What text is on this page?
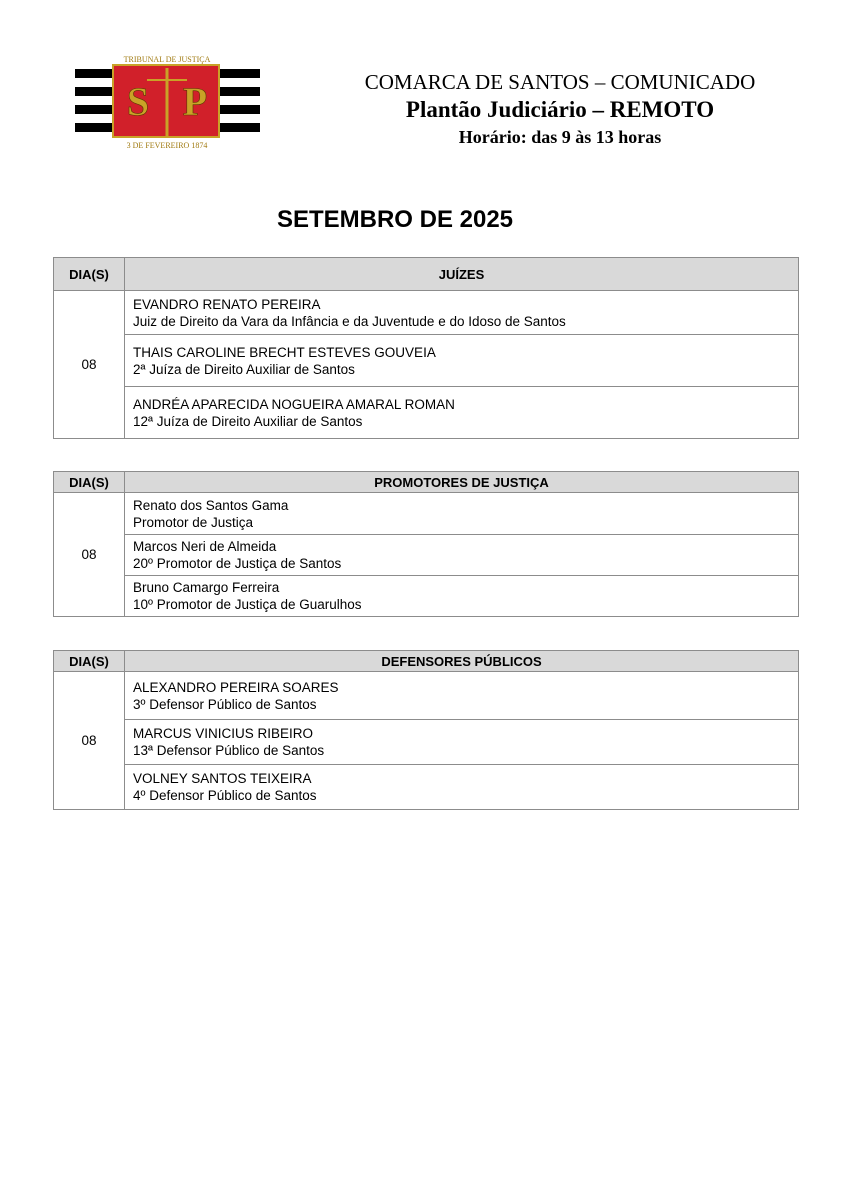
S P
TRIBUNAL DE JUSTIÇA
3 DE FEVEREIRO 1874
COMARCA DE SANTOS – COMUNICADO
Plantão Judiciário – REMOTO
Horário: das 9 às 13 horas
SETEMBRO DE 2025
DIA(S)	JUÍZES
08	EVANDRO RENATO PEREIRA
Juiz de Direito da Vara da Infância e da Juventude e do Idoso de Santos

	THAIS CAROLINE BRECHT ESTEVES GOUVEIA
2ª Juíza de Direito Auxiliar de Santos

	ANDRÉA APARECIDA NOGUEIRA AMARAL ROMAN
12ª Juíza de Direito Auxiliar de Santos
DIA(S)	PROMOTORES DE JUSTIÇA
08	Renato dos Santos Gama
Promotor de Justiça

	Marcos Neri de Almeida
20º Promotor de Justiça de Santos

	Bruno Camargo Ferreira
10º Promotor de Justiça de Guarulhos
DIA(S)	DEFENSORES PÚBLICOS
08	ALEXANDRO PEREIRA SOARES
3º Defensor Público de Santos

	MARCUS VINICIUS RIBEIRO
13ª Defensor Público de Santos

	VOLNEY SANTOS TEIXEIRA
4º Defensor Público de Santos
